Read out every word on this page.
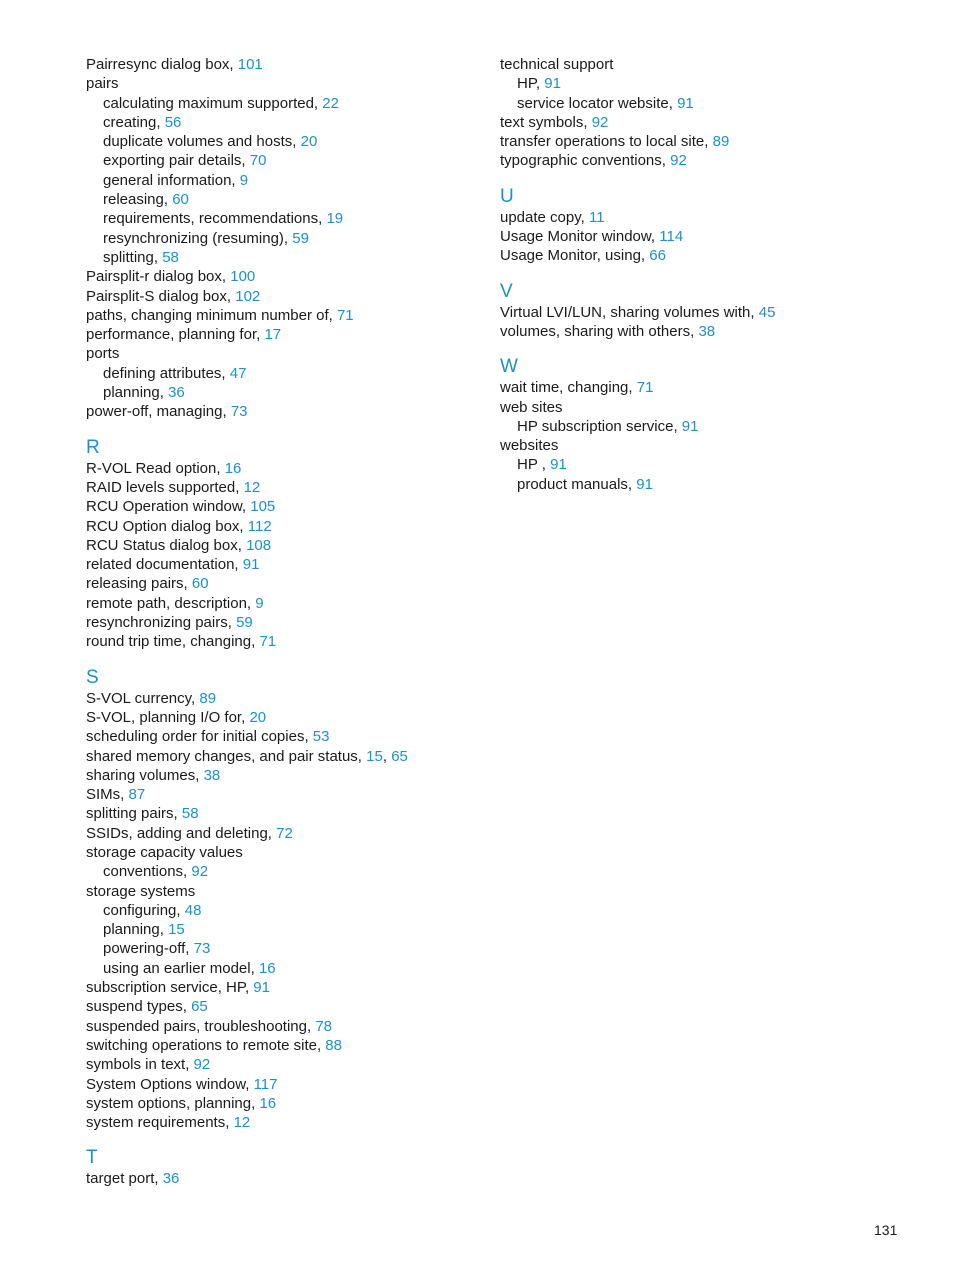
Pairresync dialog box, 101
pairs
calculating maximum supported, 22
creating, 56
duplicate volumes and hosts, 20
exporting pair details, 70
general information, 9
releasing, 60
requirements, recommendations, 19
resynchronizing (resuming), 59
splitting, 58
Pairsplit-r dialog box, 100
Pairsplit-S dialog box, 102
paths, changing minimum number of, 71
performance, planning for, 17
ports
defining attributes, 47
planning, 36
power-off, managing, 73
R
R-VOL Read option, 16
RAID levels supported, 12
RCU Operation window, 105
RCU Option dialog box, 112
RCU Status dialog box, 108
related documentation, 91
releasing pairs, 60
remote path, description, 9
resynchronizing pairs, 59
round trip time, changing, 71
S
S-VOL currency, 89
S-VOL, planning I/O for, 20
scheduling order for initial copies, 53
shared memory changes, and pair status, 15, 65
sharing volumes, 38
SIMs, 87
splitting pairs, 58
SSIDs, adding and deleting, 72
storage capacity values
conventions, 92
storage systems
configuring, 48
planning, 15
powering-off, 73
using an earlier model, 16
subscription service, HP, 91
suspend types, 65
suspended pairs, troubleshooting, 78
switching operations to remote site, 88
symbols in text, 92
System Options window, 117
system options, planning, 16
system requirements, 12
T
target port, 36
technical support
HP, 91
service locator website, 91
text symbols, 92
transfer operations to local site, 89
typographic conventions, 92
U
update copy, 11
Usage Monitor window, 114
Usage Monitor, using, 66
V
Virtual LVI/LUN, sharing volumes with, 45
volumes, sharing with others, 38
W
wait time, changing, 71
web sites
HP subscription service, 91
websites
HP , 91
product manuals, 91
131
